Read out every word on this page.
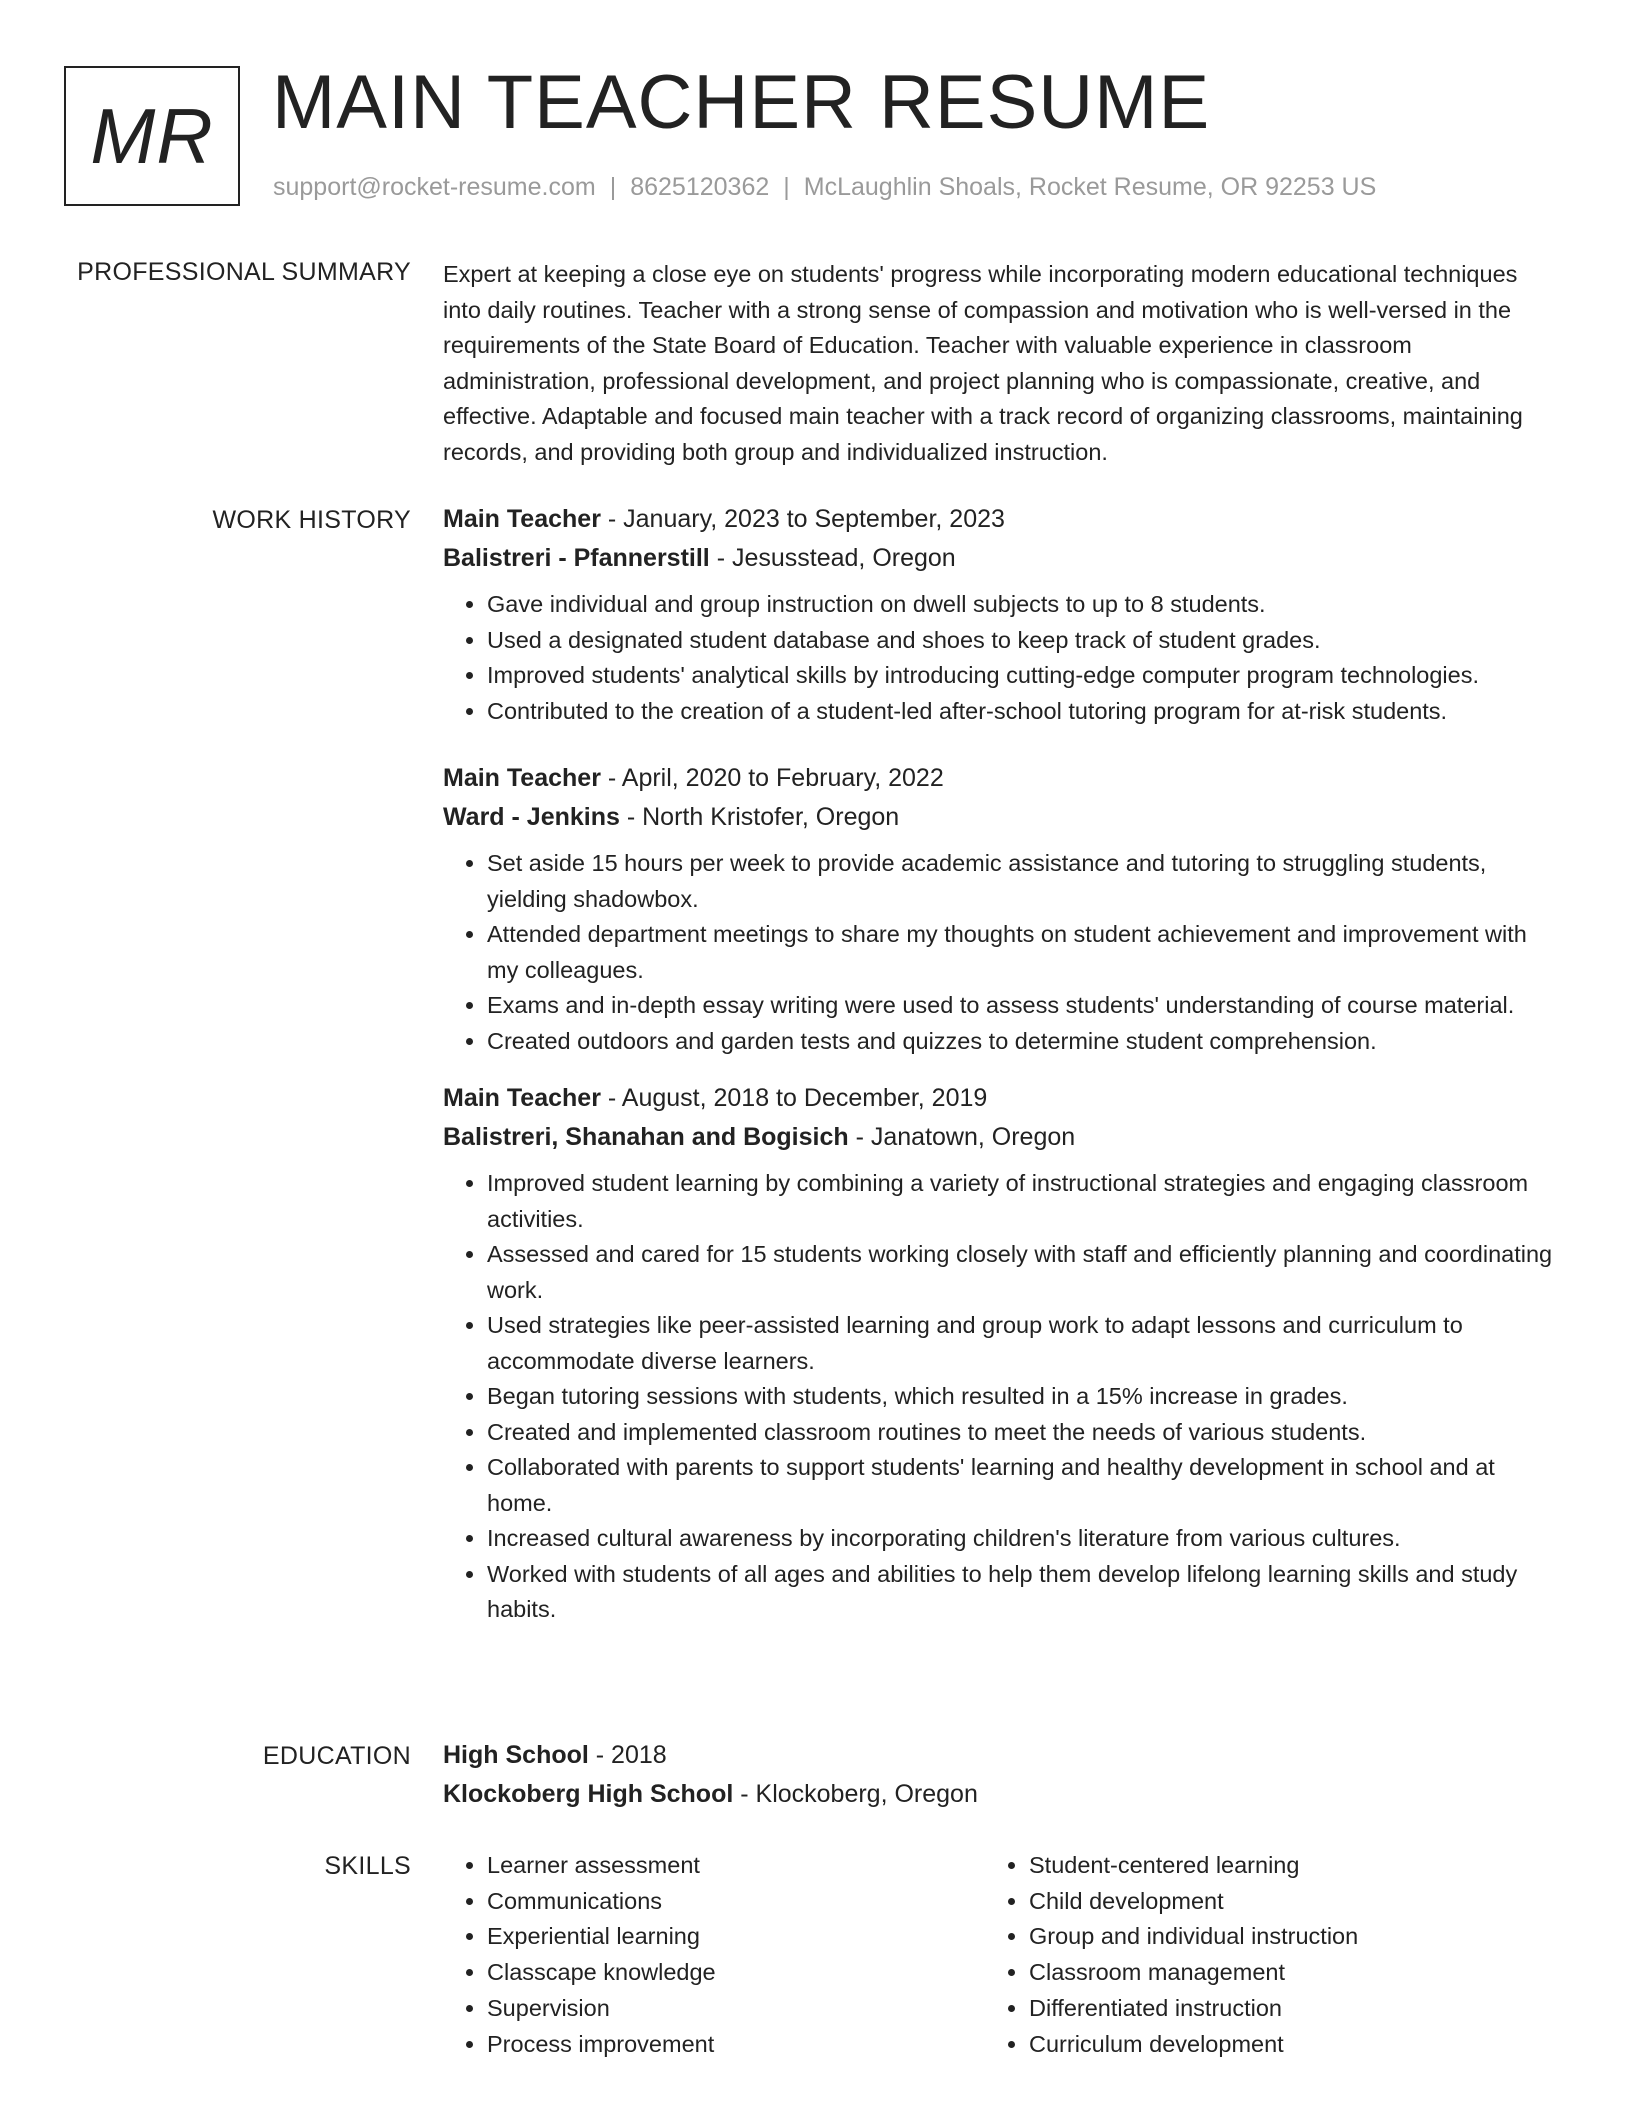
MR MAIN TEACHER RESUME
support@rocket-resume.com | 8625120362 | McLaughlin Shoals, Rocket Resume, OR 92253 US
PROFESSIONAL SUMMARY Expert at keeping a close eye on students' progress while incorporating modern educational techniques into daily routines. Teacher with a strong sense of compassion and motivation who is well-versed in the requirements of the State Board of Education. Teacher with valuable experience in classroom administration, professional development, and project planning who is compassionate, creative, and effective. Adaptable and focused main teacher with a track record of organizing classrooms, maintaining records, and providing both group and individualized instruction.

WORK HISTORY Main Teacher - January, 2023 to September, 2023
Balistreri - Pfannerstill - Jesusstead, Oregon
• Gave individual and group instruction on dwell subjects to up to 8 students.
• Used a designated student database and shoes to keep track of student grades.
• Improved students' analytical skills by introducing cutting-edge computer program technologies.
• Contributed to the creation of a student-led after-school tutoring program for at-risk students.
Main Teacher - April, 2020 to February, 2022
Ward - Jenkins - North Kristofer, Oregon
• Set aside 15 hours per week to provide academic assistance and tutoring to struggling students, yielding shadowbox.
• Attended department meetings to share my thoughts on student achievement and improvement with my colleagues.
• Exams and in-depth essay writing were used to assess students' understanding of course material.
• Created outdoors and garden tests and quizzes to determine student comprehension.
Main Teacher - August, 2018 to December, 2019
Balistreri, Shanahan and Bogisich - Janatown, Oregon
• Improved student learning by combining a variety of instructional strategies and engaging classroom activities.
• Assessed and cared for 15 students working closely with staff and efficiently planning and coordinating work.
• Used strategies like peer-assisted learning and group work to adapt lessons and curriculum to accommodate diverse learners.
• Began tutoring sessions with students, which resulted in a 15% increase in grades.
• Created and implemented classroom routines to meet the needs of various students.
• Collaborated with parents to support students' learning and healthy development in school and at home.
• Increased cultural awareness by incorporating children's literature from various cultures.
• Worked with students of all ages and abilities to help them develop lifelong learning skills and study habits.
EDUCATION High School - 2018
Klockoberg High School - Klockoberg, Oregon
SKILLS
•	Learner assessment
• Communications
• Experiential learning
• Classcape knowledge
• Supervision
• Process improvement
• Student-centered learning
• Child development
• Group and individual instruction
• Classroom management
• Differentiated instruction
• Curriculum development
